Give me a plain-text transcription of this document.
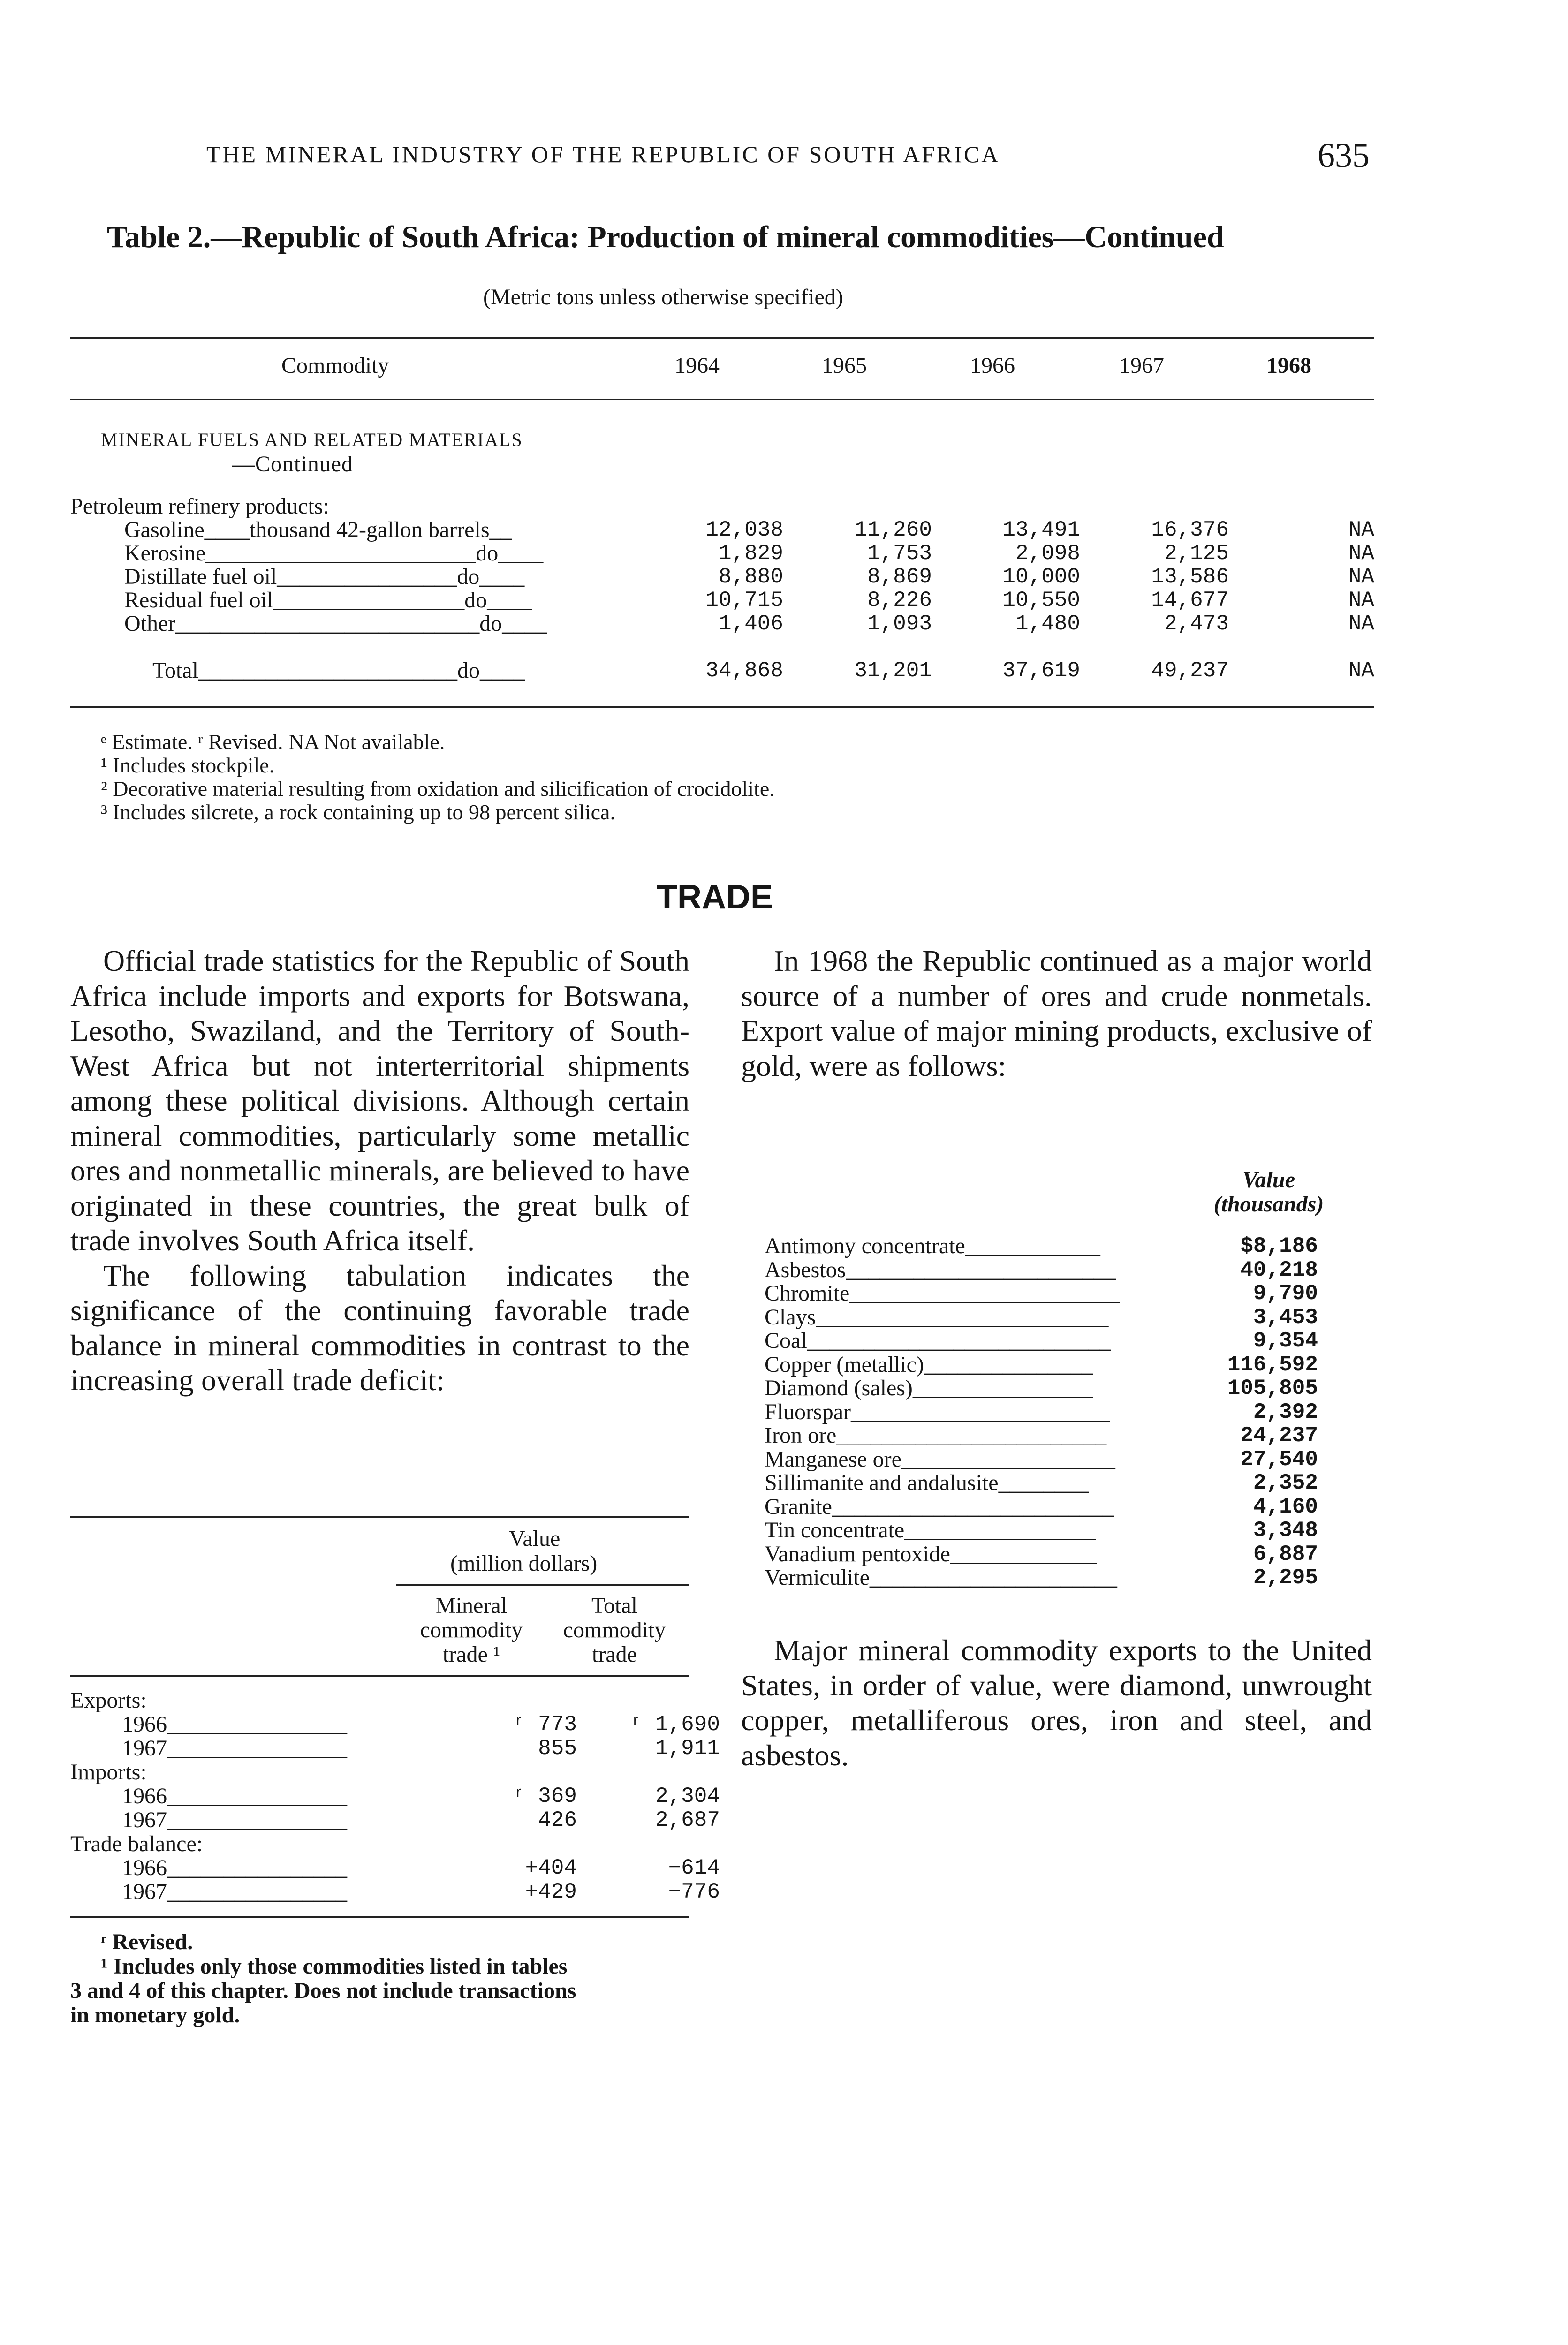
THE MINERAL INDUSTRY OF THE REPUBLIC OF SOUTH AFRICA	635
Table 2.—Republic of South Africa: Production of mineral commodities—Continued
(Metric tons unless otherwise specified)
Commodity	1964	1965	1966	1967	1968
MINERAL FUELS AND RELATED MATERIALS
—Continued
Petroleum refinery products:
Gasoline____thousand 42-gallon barrels__	12,038	11,260	13,491	16,376	NA
Kerosine________________________do____	1,829	1,753	2,098	2,125	NA
Distillate fuel oil________________do____	8,880	8,869	10,000	13,586	NA
Residual fuel oil_________________do____	10,715	8,226	10,550	14,677	NA
Other___________________________do____	1,406	1,093	1,480	2,473	NA
Total_______________________do____	34,868	31,201	37,619	49,237	NA
ᵉ Estimate. ʳ Revised. NA Not available.
¹ Includes stockpile.
² Decorative material resulting from oxidation and silicification of crocidolite.
³ Includes silcrete, a rock containing up to 98 percent silica.
TRADE

Official trade statistics for the Republic of South Africa include imports and exports for Botswana, Lesotho, Swaziland, and the Territory of South-West Africa but not interterritorial shipments among these political divisions. Although certain mineral commodities, particularly some metallic ores and nonmetallic minerals, are believed to have originated in these countries, the great bulk of trade involves South Africa itself.

The following tabulation indicates the significance of the continuing favorable trade balance in mineral commodities in contrast to the increasing overall trade deficit:

Value
(million dollars)
Mineral
commodity
trade ¹
Total
commodity
trade
Exports:
1966________________	ʳ 773	ʳ 1,690
1967________________	855	1,911
Imports:
1966________________	ʳ 369	2,304
1967________________	426	2,687
Trade balance:
1966________________	+404	−614
1967________________	+429	−776
ʳ Revised.
¹ Includes only those commodities listed in tables
3 and 4 of this chapter. Does not include transactions
in monetary gold.

In 1968 the Republic continued as a major world source of a number of ores and crude nonmetals. Export value of major mining products, exclusive of gold, were as follows:

Value
(thousands)
Antimony concentrate____________	$8,186
Asbestos________________________	40,218
Chromite________________________	9,790
Clays__________________________	3,453
Coal___________________________	9,354
Copper (metallic)_______________	116,592
Diamond (sales)________________	105,805
Fluorspar_______________________	2,392
Iron ore________________________	24,237
Manganese ore___________________	27,540
Sillimanite and andalusite________	2,352
Granite_________________________	4,160
Tin concentrate_________________	3,348
Vanadium pentoxide_____________	6,887
Vermiculite______________________	2,295

Major mineral commodity exports to the United States, in order of value, were diamond, unwrought copper, metalliferous ores, iron and steel, and asbestos.
